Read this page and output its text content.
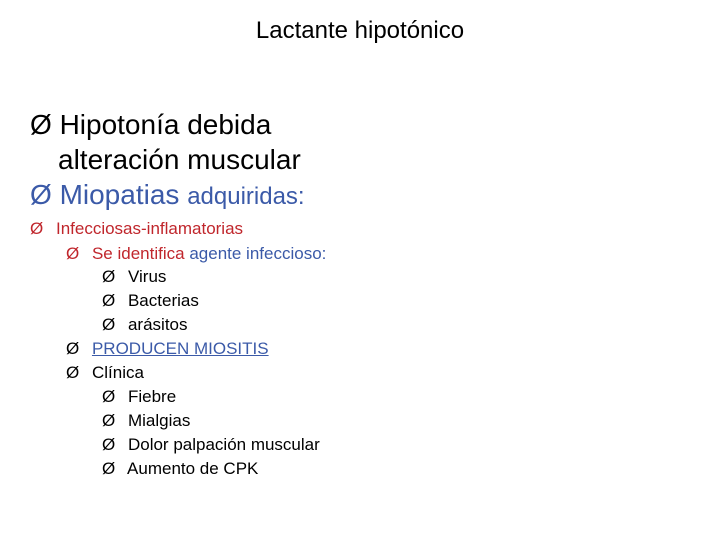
Lactante hipotónico
Ø Hipotonía debida
alteración muscular
Ø Miopatias adquiridas:
Ø Infecciosas-inflamatorias
Ø Se identifica agente infeccioso:
Ø Virus
Ø Bacterias
Ø arásitos
Ø PRODUCEN MIOSITIS
Ø Clínica
Ø Fiebre
Ø Mialgias
Ø Dolor palpación muscular
Ø Aumento de CPK
